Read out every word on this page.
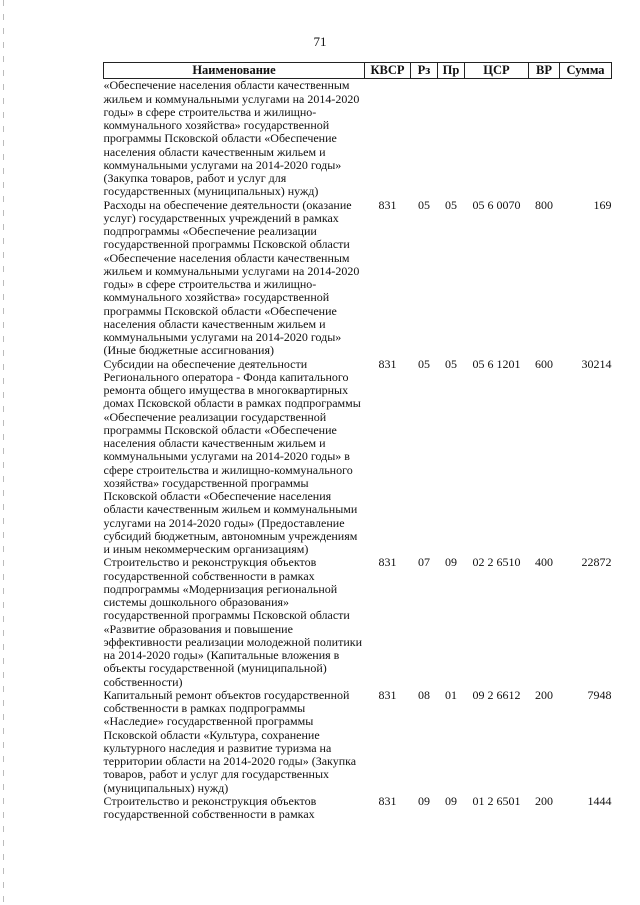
71
Наименование	КВСР	Рз	Пр	ЦСР	ВР	Сумма
«Обеспечение населения области качественным жильем и коммунальными услугами на 2014-2020 годы» в сфере строительства и жилищно-коммунального хозяйства» государственной программы Псковской области «Обеспечение населения области качественным жильем и коммунальными услугами на 2014-2020 годы» (Закупка товаров, работ и услуг для государственных (муниципальных) нужд)						
Расходы на обеспечение деятельности (оказание услуг) государственных учреждений в рамках подпрограммы «Обеспечение реализации государственной программы Псковской области «Обеспечение населения области качественным жильем и коммунальными услугами на 2014-2020 годы» в сфере строительства и жилищно-коммунального хозяйства» государственной программы Псковской области «Обеспечение населения области качественным жильем и коммунальными услугами на 2014-2020 годы» (Иные бюджетные ассигнования)	831	05	05	05 6 0070	800	169
Субсидии на обеспечение деятельности Регионального оператора - Фонда капитального ремонта общего имущества в многоквартирных домах Псковской области в рамках подпрограммы «Обеспечение реализации государственной программы Псковской области «Обеспечение населения области качественным жильем и коммунальными услугами на 2014-2020 годы» в сфере строительства и жилищно-коммунального хозяйства» государственной программы Псковской области «Обеспечение населения области качественным жильем и коммунальными услугами на 2014-2020 годы» (Предоставление субсидий бюджетным, автономным учреждениям и иным некоммерческим организациям)	831	05	05	05 6 1201	600	30214
Строительство и реконструкция объектов государственной собственности в рамках подпрограммы «Модернизация региональной системы дошкольного образования» государственной программы Псковской области «Развитие образования и повышение эффективности реализации молодежной политики на 2014-2020 годы» (Капитальные вложения в объекты государственной (муниципальной) собственности)	831	07	09	02 2 6510	400	22872
Капитальный ремонт объектов государственной собственности в рамках подпрограммы «Наследие» государственной программы Псковской области «Культура, сохранение культурного наследия и развитие туризма на территории области на 2014-2020 годы» (Закупка товаров, работ и услуг для государственных (муниципальных) нужд)	831	08	01	09 2 6612	200	7948
Строительство и реконструкция объектов государственной собственности в рамках	831	09	09	01 2 6501	200	1444
